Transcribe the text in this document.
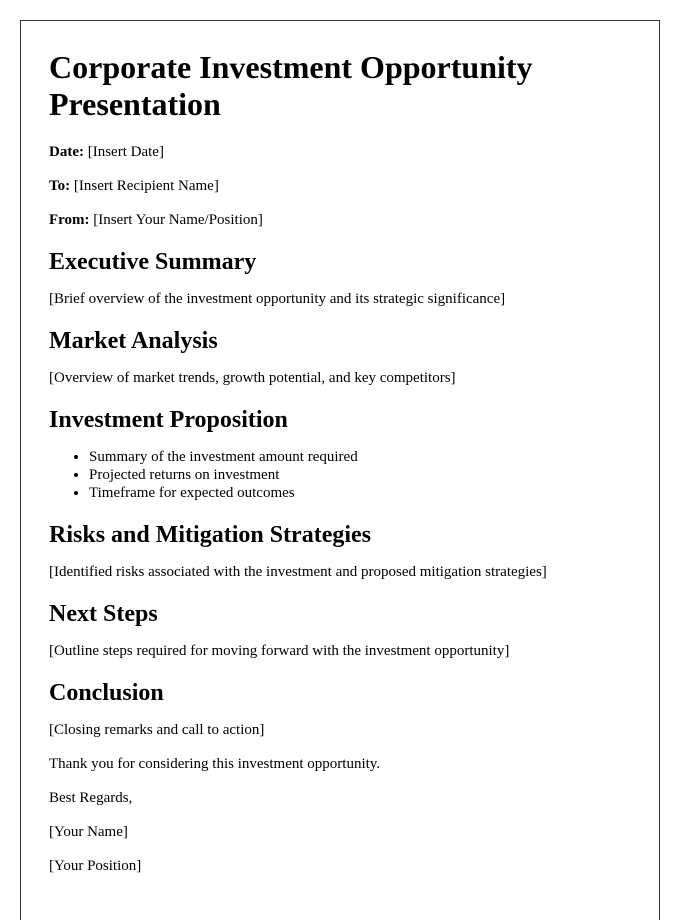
Corporate Investment Opportunity Presentation

Date: [Insert Date]

To: [Insert Recipient Name]

From: [Insert Your Name/Position]

Executive Summary

[Brief overview of the investment opportunity and its strategic significance]

Market Analysis

[Overview of market trends, growth potential, and key competitors]

Investment Proposition
• Summary of the investment amount required
• Projected returns on investment
• Timeframe for expected outcomes
Risks and Mitigation Strategies

[Identified risks associated with the investment and proposed mitigation strategies]

Next Steps

[Outline steps required for moving forward with the investment opportunity]

Conclusion

[Closing remarks and call to action]

Thank you for considering this investment opportunity.

Best Regards,

[Your Name]

[Your Position]
